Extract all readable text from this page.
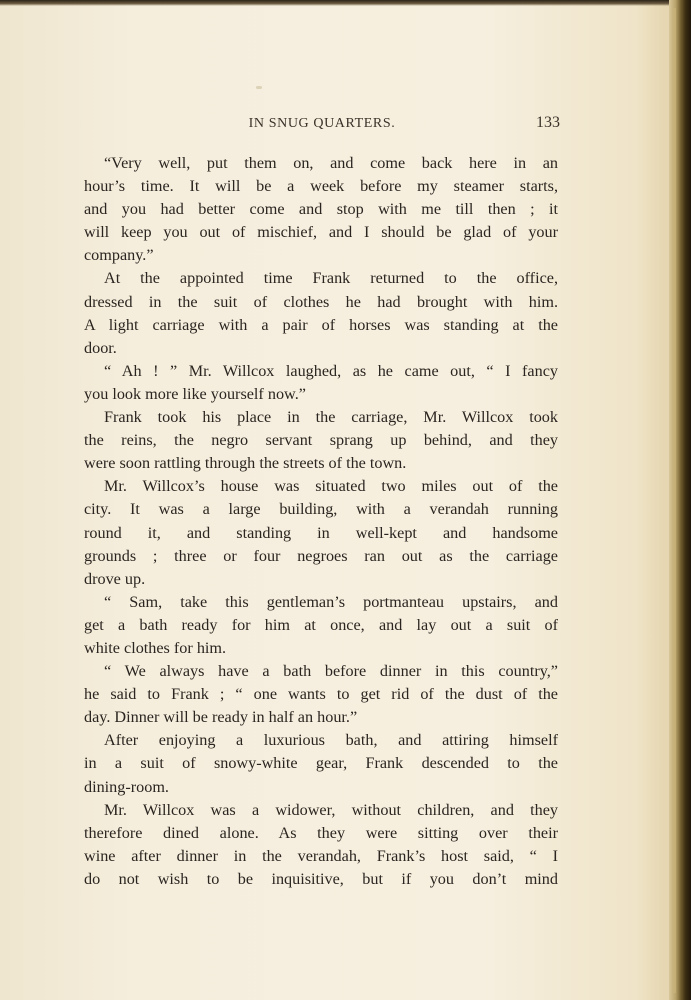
IN SNUG QUARTERS.	133
“Very well, put them on, and come back here in an
hour’s time. It will be a week before my steamer starts,
and you had better come and stop with me till then ; it
will keep you out of mischief, and I should be glad of your
company.”
At the appointed time Frank returned to the office,
dressed in the suit of clothes he had brought with him.
A light carriage with a pair of horses was standing at the
door.
“ Ah ! ” Mr. Willcox laughed, as he came out, “ I fancy
you look more like yourself now.”
Frank took his place in the carriage, Mr. Willcox took
the reins, the negro servant sprang up behind, and they
were soon rattling through the streets of the town.
Mr. Willcox’s house was situated two miles out of the
city. It was a large building, with a verandah running
round it, and standing in well-kept and handsome
grounds ; three or four negroes ran out as the carriage
drove up.
“ Sam, take this gentleman’s portmanteau upstairs, and
get a bath ready for him at once, and lay out a suit of
white clothes for him.
“ We always have a bath before dinner in this country,”
he said to Frank ; “ one wants to get rid of the dust of the
day. Dinner will be ready in half an hour.”
After enjoying a luxurious bath, and attiring himself
in a suit of snowy-white gear, Frank descended to the
dining-room.
Mr. Willcox was a widower, without children, and they
therefore dined alone. As they were sitting over their
wine after dinner in the verandah, Frank’s host said, “ I
do not wish to be inquisitive, but if you don’t mind
